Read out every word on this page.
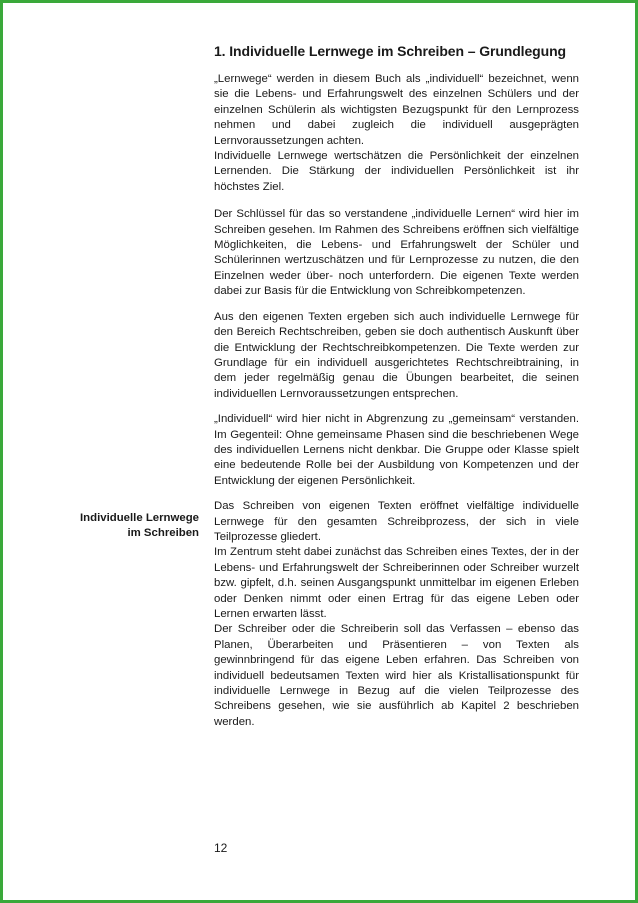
1. Individuelle Lernwege im Schreiben – Grundlegung

„Lernwege“ werden in diesem Buch als „individuell“ bezeichnet, wenn sie die Lebens- und Erfahrungswelt des einzelnen Schülers und der einzelnen Schülerin als wichtigsten Bezugspunkt für den Lernprozess nehmen und dabei zugleich die individuell ausgeprägten Lernvoraussetzungen achten.

Individuelle Lernwege wertschätzen die Persönlichkeit der einzelnen Lernenden. Die Stärkung der individuellen Persönlichkeit ist ihr höchstes Ziel.

Der Schlüssel für das so verstandene „individuelle Lernen“ wird hier im Schreiben gesehen. Im Rahmen des Schreibens eröffnen sich vielfältige Möglichkeiten, die Lebens- und Erfahrungswelt der Schüler und Schülerinnen wertzuschätzen und für Lernprozesse zu nutzen, die den Einzelnen weder über- noch unterfordern. Die eigenen Texte werden dabei zur Basis für die Entwicklung von Schreibkompetenzen.

Aus den eigenen Texten ergeben sich auch individuelle Lernwege für den Bereich Rechtschreiben, geben sie doch authentisch Auskunft über die Entwicklung der Rechtschreibkompetenzen. Die Texte werden zur Grundlage für ein individuell ausgerichtetes Rechtschreibtraining, in dem jeder regelmäßig genau die Übungen bearbeitet, die seinen individuellen Lernvoraussetzungen entsprechen.

„Individuell“ wird hier nicht in Abgrenzung zu „gemeinsam“ verstanden. Im Gegenteil: Ohne gemeinsame Phasen sind die beschriebenen Wege des individuellen Lernens nicht denkbar. Die Gruppe oder Klasse spielt eine bedeutende Rolle bei der Ausbildung von Kompetenzen und der Entwicklung der eigenen Persönlichkeit.

Das Schreiben von eigenen Texten eröffnet vielfältige individuelle Lernwege für den gesamten Schreibprozess, der sich in viele Teilprozesse gliedert.

Im Zentrum steht dabei zunächst das Schreiben eines Textes, der in der Lebens- und Erfahrungswelt der Schreiberinnen oder Schreiber wurzelt bzw. gipfelt, d.h. seinen Ausgangspunkt unmittelbar im eigenen Erleben oder Denken nimmt oder einen Ertrag für das eigene Leben oder Lernen erwarten lässt.

Der Schreiber oder die Schreiberin soll das Verfassen – ebenso das Planen, Überarbeiten und Präsentieren – von Texten als gewinnbringend für das eigene Leben erfahren. Das Schreiben von individuell bedeutsamen Texten wird hier als Kristallisationspunkt für individuelle Lernwege in Bezug auf die vielen Teilprozesse des Schreibens gesehen, wie sie ausführlich ab Kapitel 2 beschrieben werden.

Individuelle Lernwege
im Schreiben
12
